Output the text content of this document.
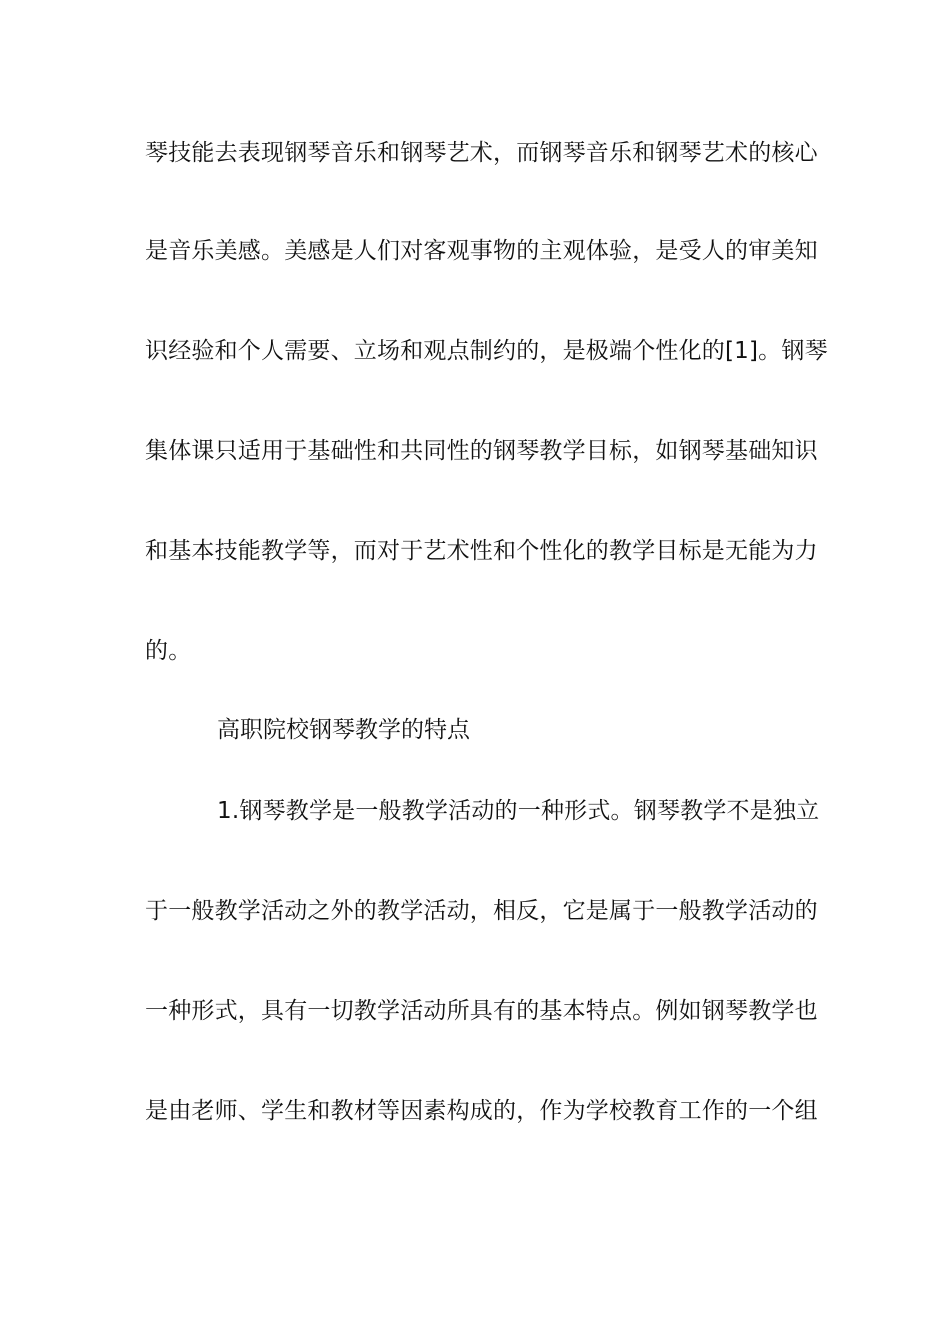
琴技能去表现钢琴音乐和钢琴艺术，而钢琴音乐和钢琴艺术的核心
是音乐美感。美感是人们对客观事物的主观体验，是受人的审美知
识经验和个人需要、立场和观点制约的，是极端个性化的[1]。钢琴
集体课只适用于基础性和共同性的钢琴教学目标，如钢琴基础知识
和基本技能教学等，而对于艺术性和个性化的教学目标是无能为力
的。
高职院校钢琴教学的特点
1.钢琴教学是一般教学活动的一种形式。钢琴教学不是独立
于一般教学活动之外的教学活动，相反，它是属于一般教学活动的
一种形式，具有一切教学活动所具有的基本特点。例如钢琴教学也
是由老师、学生和教材等因素构成的，作为学校教育工作的一个组
